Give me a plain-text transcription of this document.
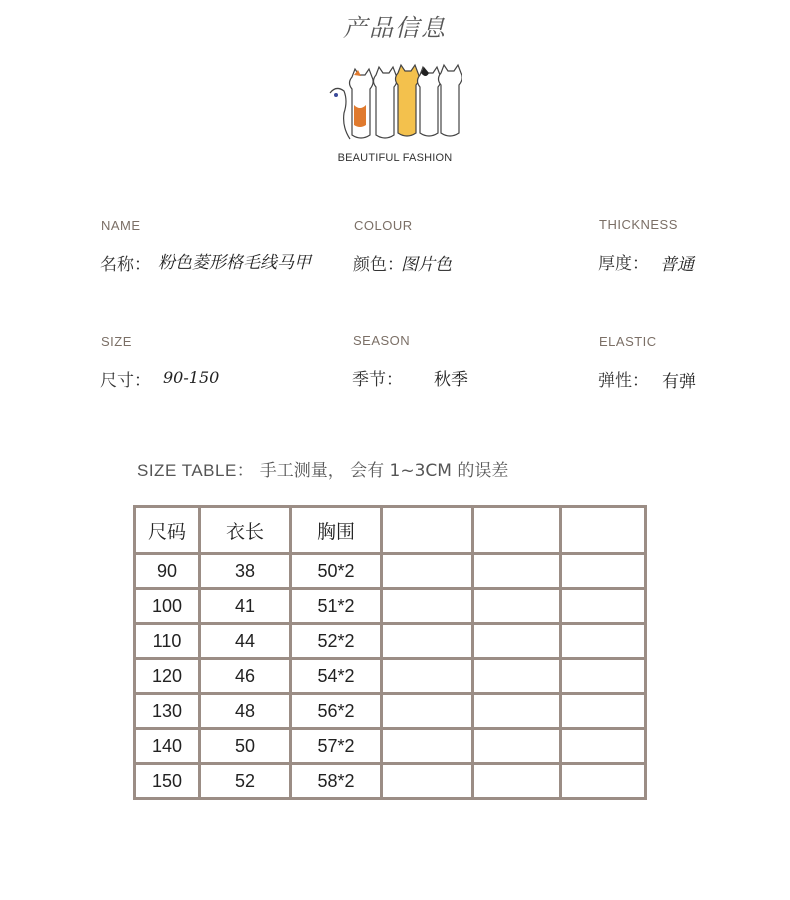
产品信息
BEAUTIFUL FASHION
NAME
名称： 粉色菱形格毛线马甲
COLOUR
颜色：
图片色
THICKNESS
厚度： 普通
SIZE
尺寸： 90-150
SEASON
季节： 秋季
ELASTIC
弹性： 有弹
SIZE TABLE： 手工测量， 会有 1~3CM 的误差
尺码	衣长	胸围			
90	38	50*2			
100	41	51*2			
110	44	52*2			
120	46	54*2			
130	48	56*2			
140	50	57*2			
150	52	58*2			
